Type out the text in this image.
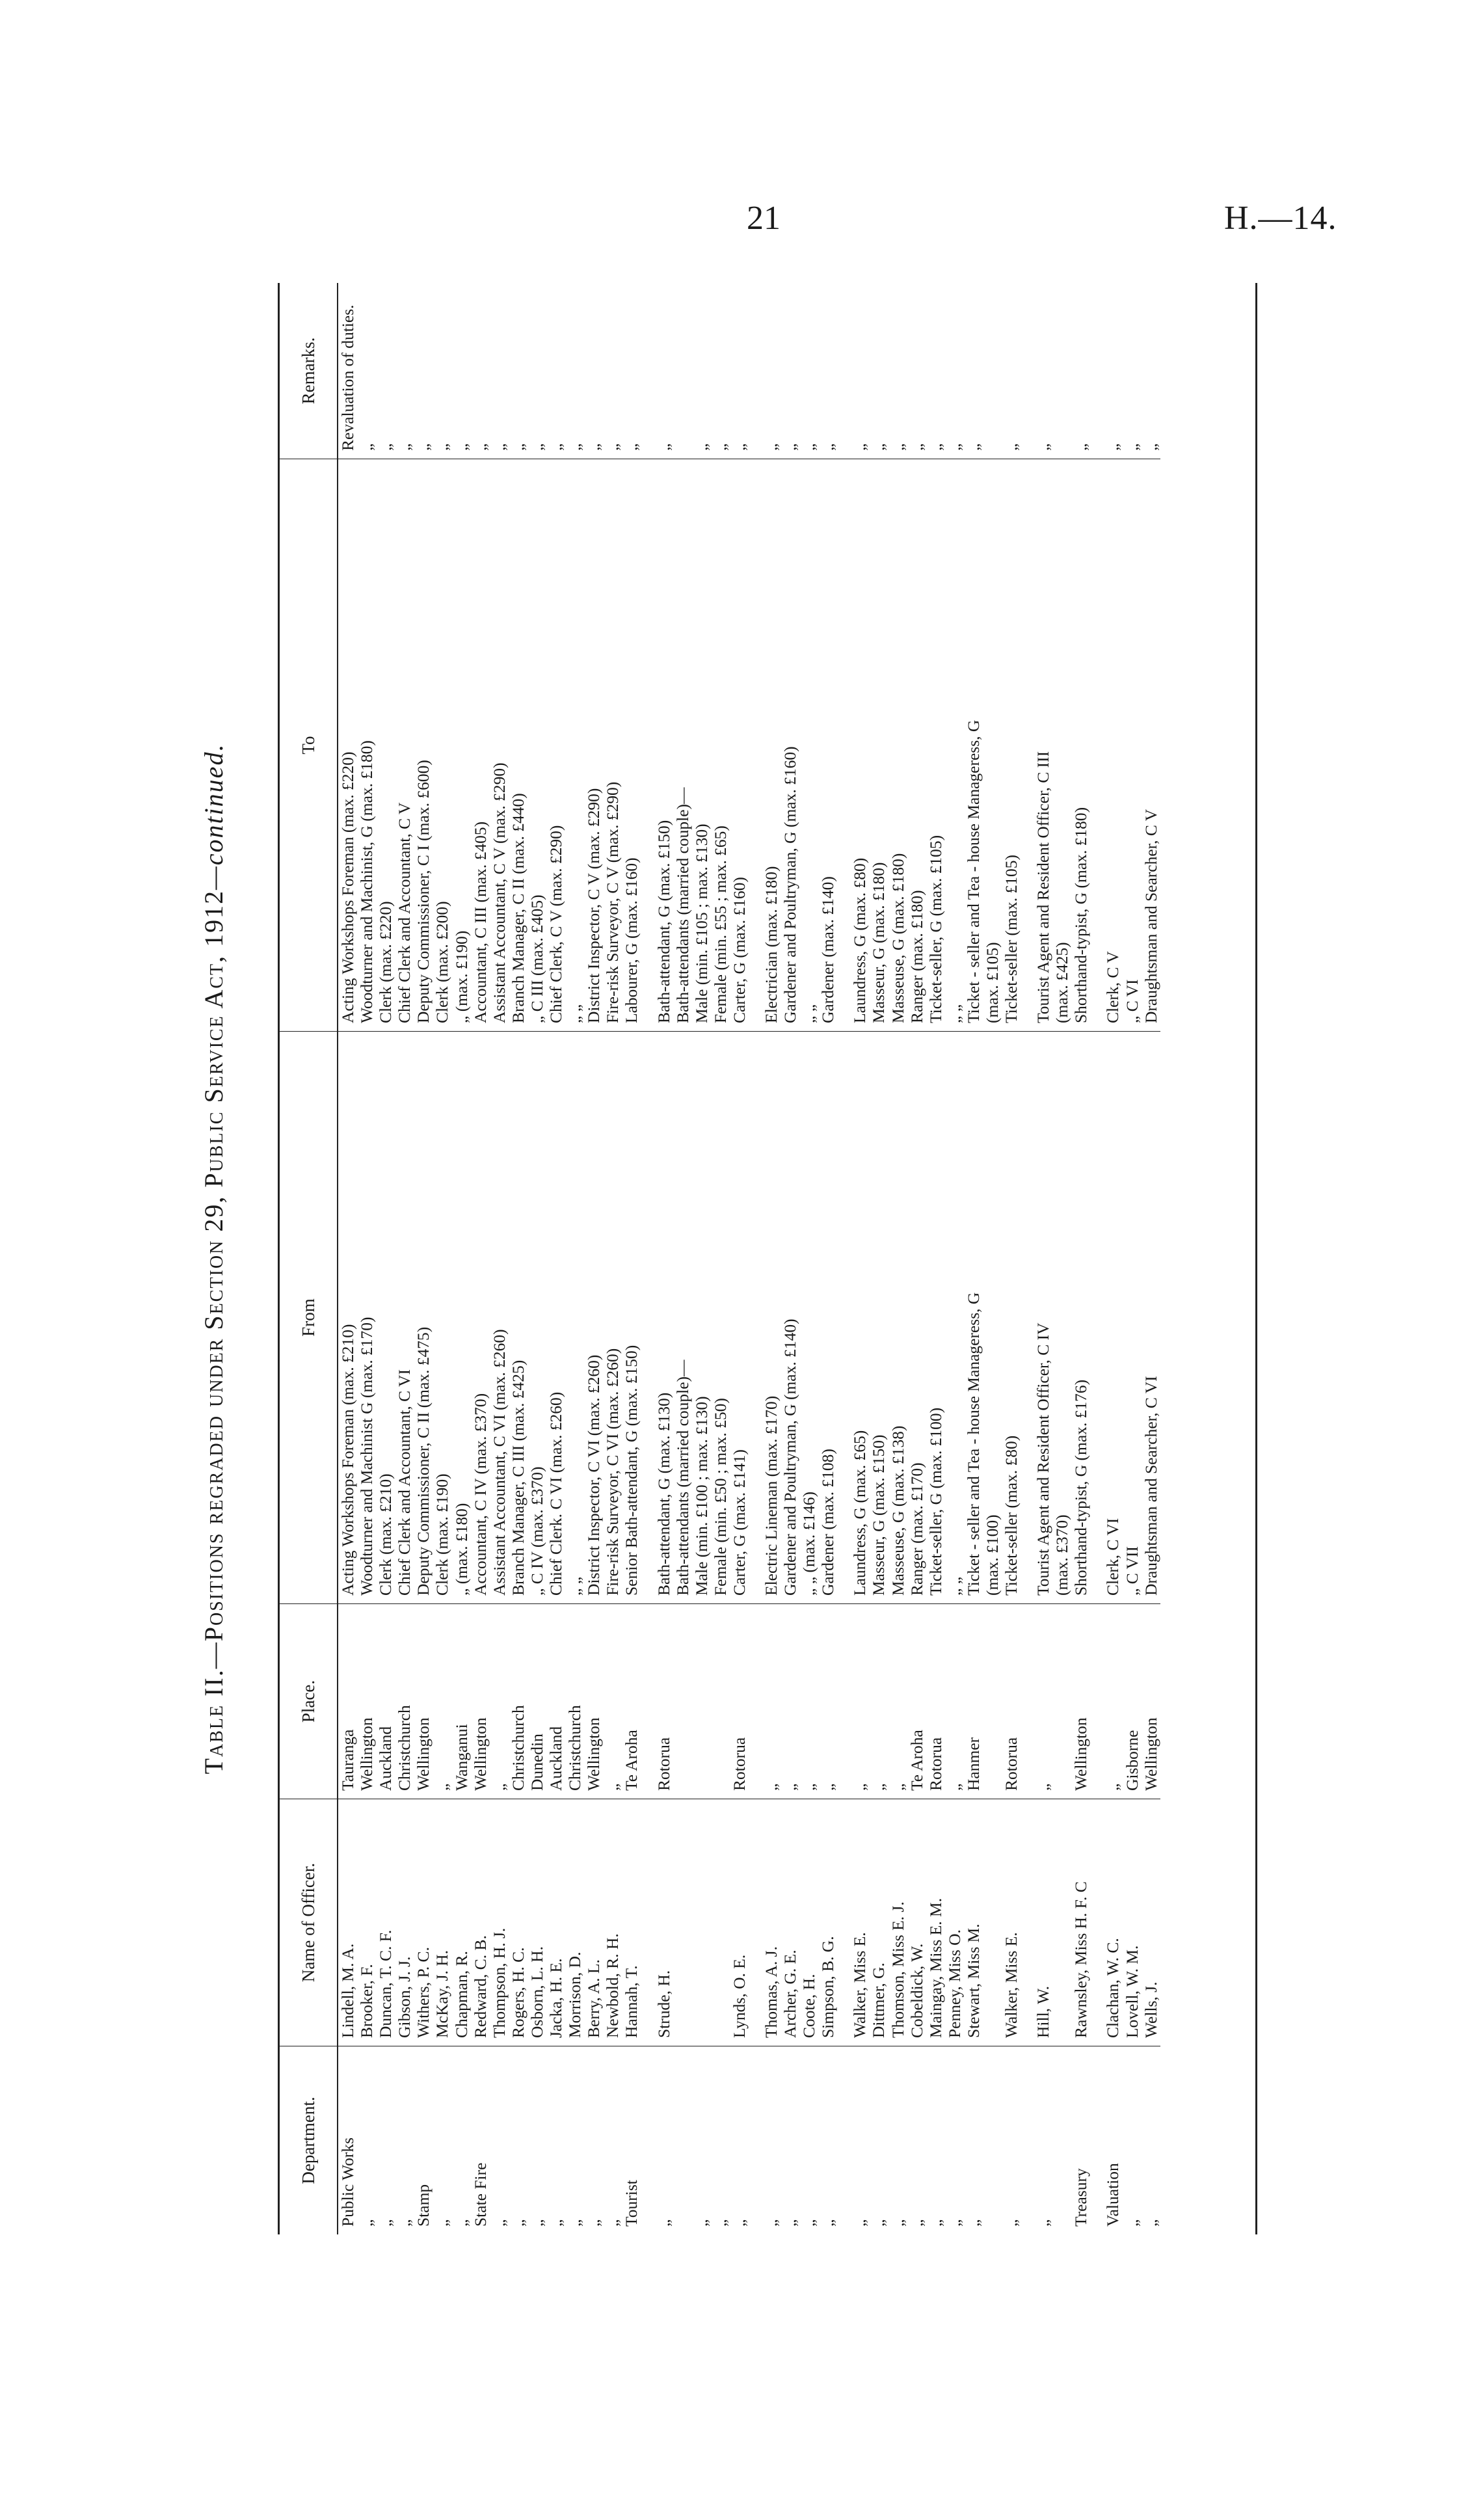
21	H.—14.
Table II.—Positions regraded under Section 29, Public Service Act, 1912—continued.
Department.
Name of Officer.
Place.
From
To
Remarks.
Public Works
Lindell, M. A.
Tauranga
Acting Workshops Foreman (max. £210)
Acting Workshops Foreman (max. £220)
Revaluation of duties.
„
Brooker, F.
Wellington
Woodturner and Machinist G (max. £170)
Woodturner and Machinist, G (max. £180)
„
„
Duncan, T. C. F.
Auckland
Clerk (max. £210)
Clerk (max. £220)
„
„
Gibson, J. J.
Christchurch
Chief Clerk and Accountant, C VI
Chief Clerk and Accountant, C V
„
Stamp
Withers, P. C.
Wellington
Deputy Commissioner, C II (max. £475)
Deputy Commissioner, C I (max. £600)
„
„
McKay, J. H.
„
Clerk (max. £190)
Clerk (max. £200)
„
„
Chapman, R.
Wanganui
„ (max. £180)
„ (max. £190)
„
State Fire
Redward, C. B.
Wellington
Accountant, C IV (max. £370)
Accountant, C III (max. £405)
„
„
Thompson, H. J.
„
Assistant Accountant, C VI (max. £260)
Assistant Accountant, C V (max. £290)
„
„
Rogers, H. C.
Christchurch
Branch Manager, C III (max. £425)
Branch Manager, C II (max. £440)
„
„
Osborn, L. H.
Dunedin
„ C IV (max. £370)
„ C III (max. £405)
„
„
Jacka, H. E.
Auckland
Chief Clerk. C VI (max. £260)
Chief Clerk, C V (max. £290)
„
„
Morrison, D.
Christchurch
„ „
„ „
„
„
Berry, A. L.
Wellington
District Inspector, C VI (max. £260)
District Inspector, C V (max. £290)
„
„
Newbold, R. H.
„
Fire-risk Surveyor, C VI (max. £260)
Fire-risk Surveyor, C V (max. £290)
„
Tourist
Hannah, T.
Te Aroha
Senior Bath-attendant, G (max. £150)
Labourer, G (max. £160)
„
„
Strude, H.
Rotorua
Bath-attendant, G (max. £130)
Bath-attendant, G (max. £150)
„
Bath-attendants (married couple)—
Bath-attendants (married couple)—
„
Male (min. £100 ; max. £130)
Male (min. £105 ; max. £130)
„
„
Female (min. £50 ; max. £50)
Female (min. £55 ; max. £65)
„
„
Lynds, O. E.
Rotorua
Carter, G (max. £141)
Carter, G (max. £160)
„
„
Thomas, A. J.
„
Electric Lineman (max. £170)
Electrician (max. £180)
„
„
Archer, G. E.
„
Gardener and Poultryman, G (max. £140)
Gardener and Poultryman, G (max. £160)
„
„
Coote, H.
„
„ „ (max. £146)
„ „
„
„
Simpson, B. G.
„
Gardener (max. £108)
Gardener (max. £140)
„
„
Walker, Miss E.
„
Laundress, G (max. £65)
Laundress, G (max. £80)
„
„
Dittmer, G.
„
Masseur, G (max. £150)
Masseur, G (max. £180)
„
„
Thomson, Miss E. J.
„
Masseuse, G (max. £138)
Masseuse, G (max. £180)
„
„
Cobeldick, W.
Te Aroha
Ranger (max. £170)
Ranger (max. £180)
„
„
Maingay, Miss E. M.
Rotorua
Ticket-seller, G (max. £100)
Ticket-seller, G (max. £105)
„
„
Penney, Miss O.
„
„ „
„ „
„
„
Stewart, Miss M.
Hanmer
Ticket - seller and Tea - house Manageress, G
Ticket - seller and Tea - house Manageress, G
„
(max. £100)
(max. £105)
„
Walker, Miss E.
Rotorua
Ticket-seller (max. £80)
Ticket-seller (max. £105)
„
„
Hill, W.
„
Tourist Agent and Resident Officer, C IV
Tourist Agent and Resident Officer, C III
„
(max. £370)
(max. £425)
Treasury
Rawnsley, Miss H. F. C
Wellington
Shorthand-typist, G (max. £176)
Shorthand-typist, G (max. £180)
„
Valuation
Clachan, W. C.
„
Clerk, C VI
Clerk, C V
„
„
Lovell, W. M.
Gisborne
„ C VII
„ C VI
„
„
Wells, J.
Wellington
Draughtsman and Searcher, C VI
Draughtsman and Searcher, C V
„
